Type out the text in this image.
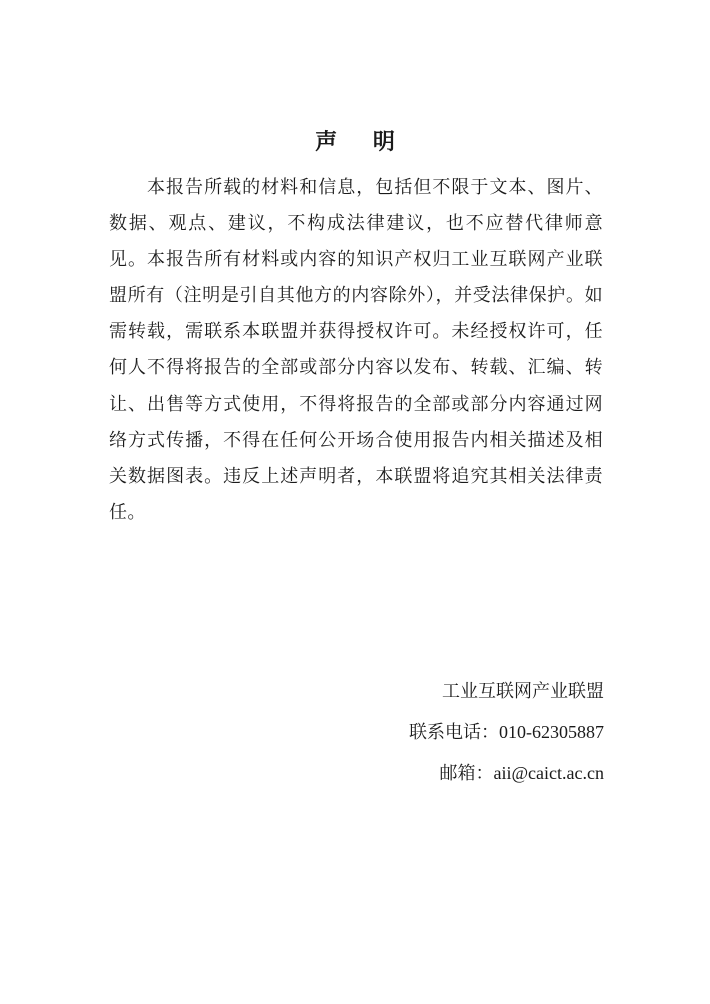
声 明

本报告所载的材料和信息，包括但不限于文本、图片、数据、观点、建议，不构成法律建议，也不应替代律师意见。本报告所有材料或内容的知识产权归工业互联网产业联盟所有（注明是引自其他方的内容除外），并受法律保护。如需转载，需联系本联盟并获得授权许可。未经授权许可，任何人不得将报告的全部或部分内容以发布、转载、汇编、转让、出售等方式使用，不得将报告的全部或部分内容通过网络方式传播，不得在任何公开场合使用报告内相关描述及相关数据图表。违反上述声明者，本联盟将追究其相关法律责任。

工业互联网产业联盟
联系电话：010-62305887
邮箱：aii@caict.ac.cn
